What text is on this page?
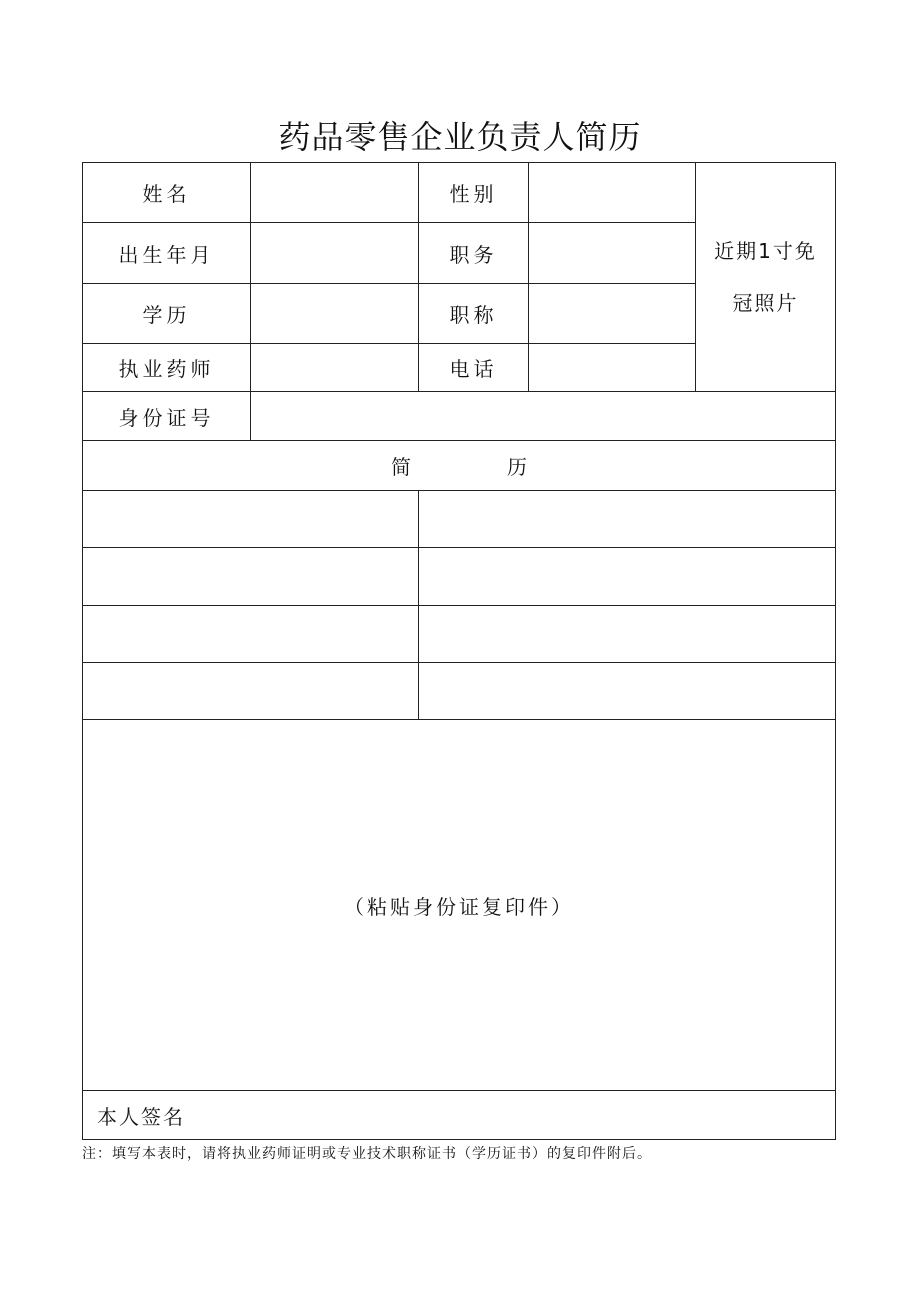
药品零售企业负责人简历
姓名		性别		近期1寸免
冠照片

出生年月		职务		
学历		职称		
执业药师		电话		
身份证号				
简 历				

（粘贴身份证复印件）				
本人签名				
注：填写本表时，请将执业药师证明或专业技术职称证书（学历证书）的复印件附后。
